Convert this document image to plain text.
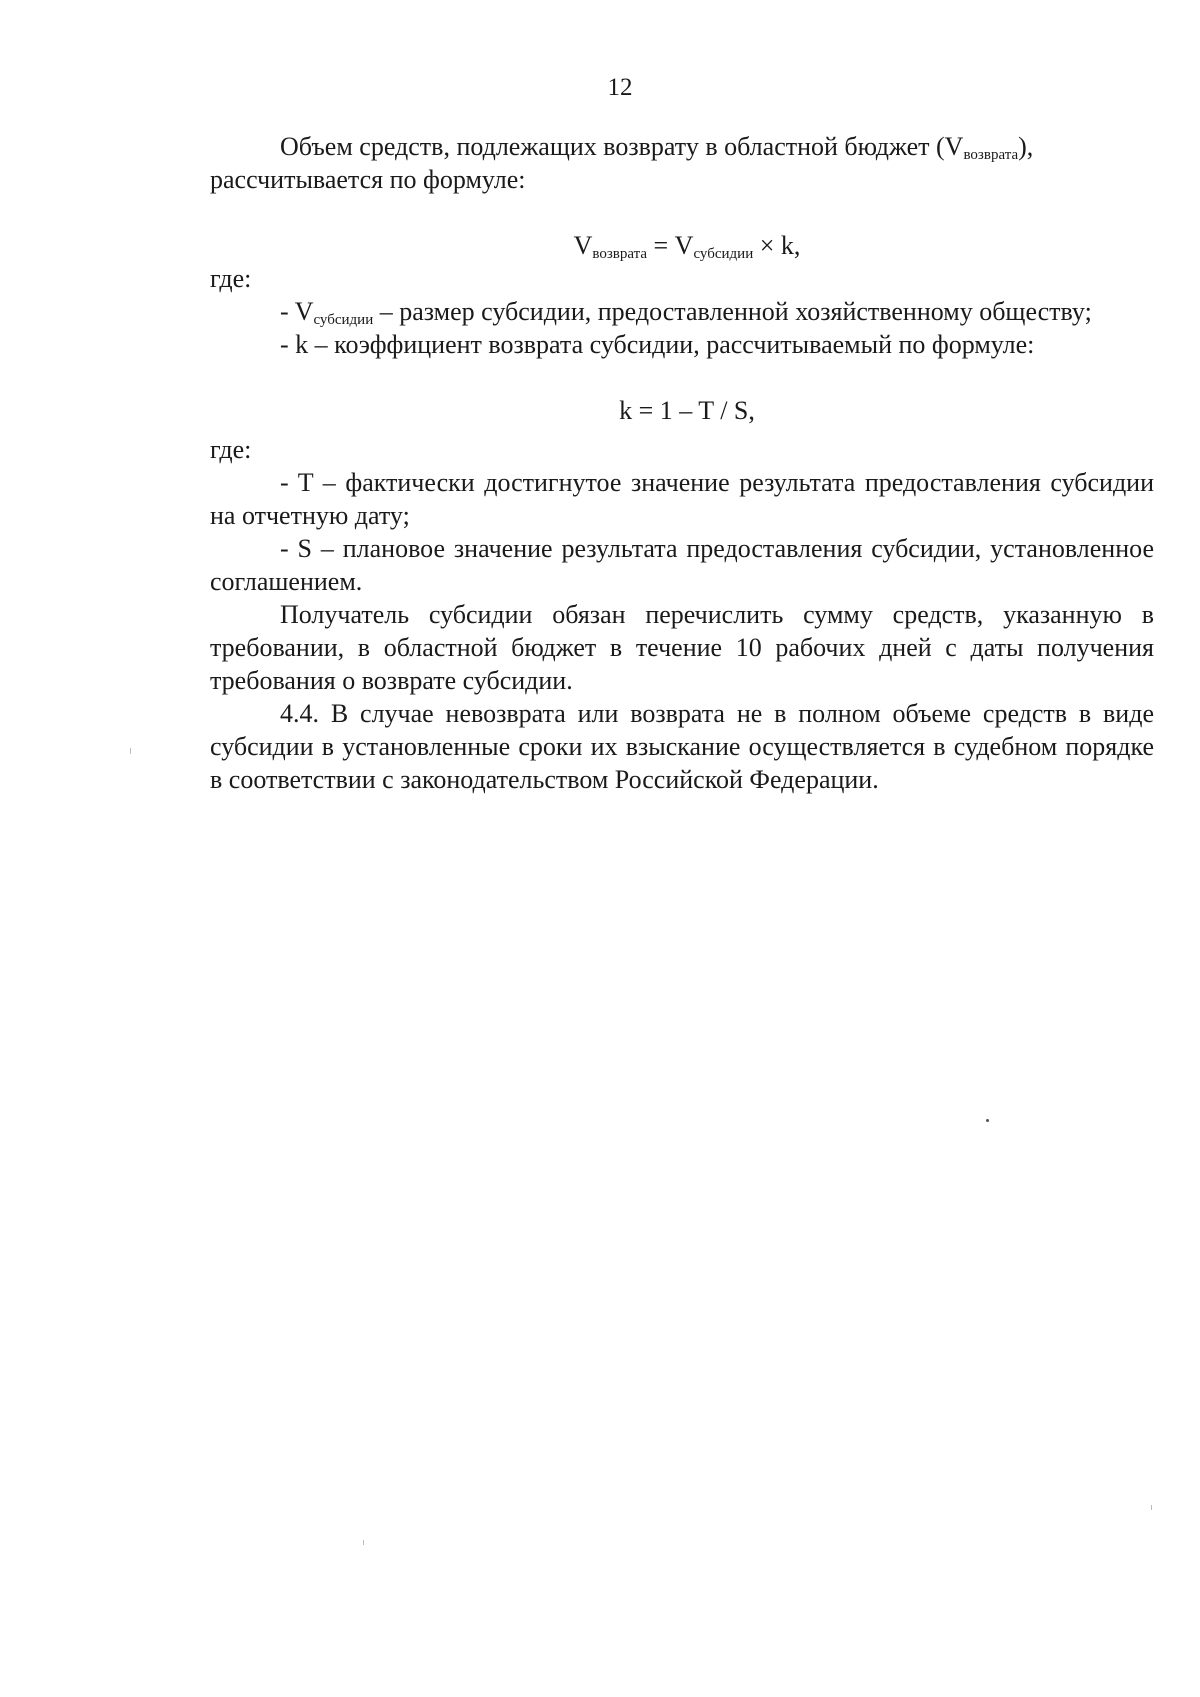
12

Объем средств, подлежащих возврату в областной бюджет $(V_{возврата})$,

рассчитывается по формуле:

$V_{возврата} = V_{субсидии} \times k$,

где:

- $V_{субсидии}$ – размер субсидии, предоставленной хозяйственному обществу;

- k – коэффициент возврата субсидии, рассчитываемый по формуле:

k = 1 – T / S,

где:

- T – фактически достигнутое значение результата предоставления субсидии на отчетную дату;

- S – плановое значение результата предоставления субсидии, установленное соглашением.

Получатель субсидии обязан перечислить сумму средств, указанную в требовании, в областной бюджет в течение 10 рабочих дней с даты получения требования о возврате субсидии.

4.4. В случае невозврата или возврата не в полном объеме средств в виде субсидии в установленные сроки их взыскание осуществляется в судебном порядке в соответствии с законодательством Российской Федерации.
